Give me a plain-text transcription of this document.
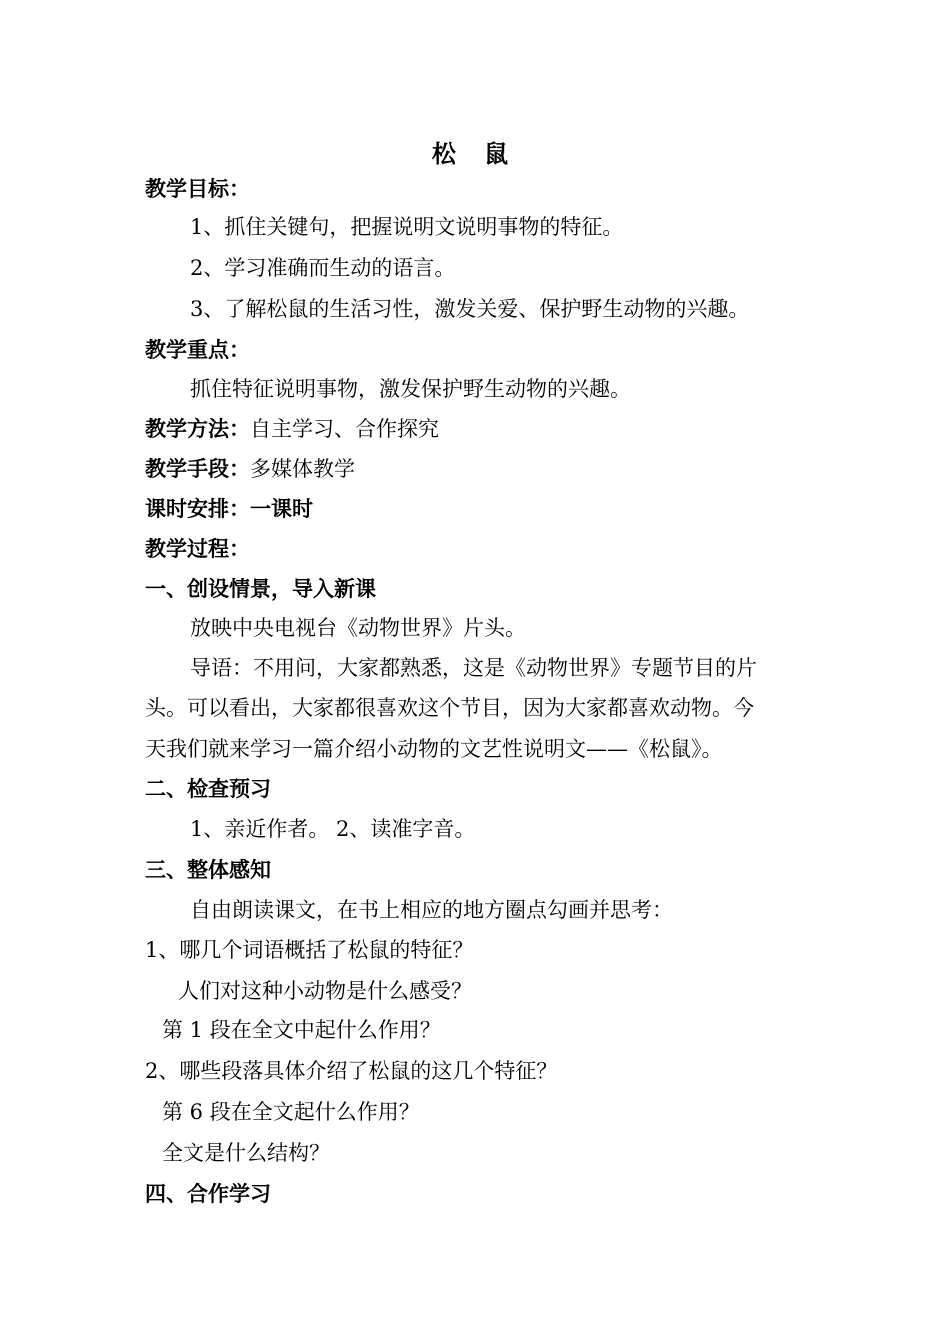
松 鼠
教学目标：
1、抓住关键句，把握说明文说明事物的特征。
2、学习准确而生动的语言。
3、了解松鼠的生活习性，激发关爱、保护野生动物的兴趣。
教学重点：
抓住特征说明事物，激发保护野生动物的兴趣。
教学方法：自主学习、合作探究
教学手段：多媒体教学
课时安排：一课时
教学过程：
一、创设情景，导入新课
放映中央电视台《动物世界》片头。
导语：不用问，大家都熟悉，这是《动物世界》专题节目的片
头。可以看出，大家都很喜欢这个节目，因为大家都喜欢动物。今
天我们就来学习一篇介绍小动物的文艺性说明文——《松鼠》。
二、检查预习
1、亲近作者。 2、读准字音。
三、整体感知
自由朗读课文，在书上相应的地方圈点勾画并思考：
1、哪几个词语概括了松鼠的特征？
人们对这种小动物是什么感受？
第 1 段在全文中起什么作用？
2、哪些段落具体介绍了松鼠的这几个特征？
第 6 段在全文起什么作用？
全文是什么结构？
四、合作学习
